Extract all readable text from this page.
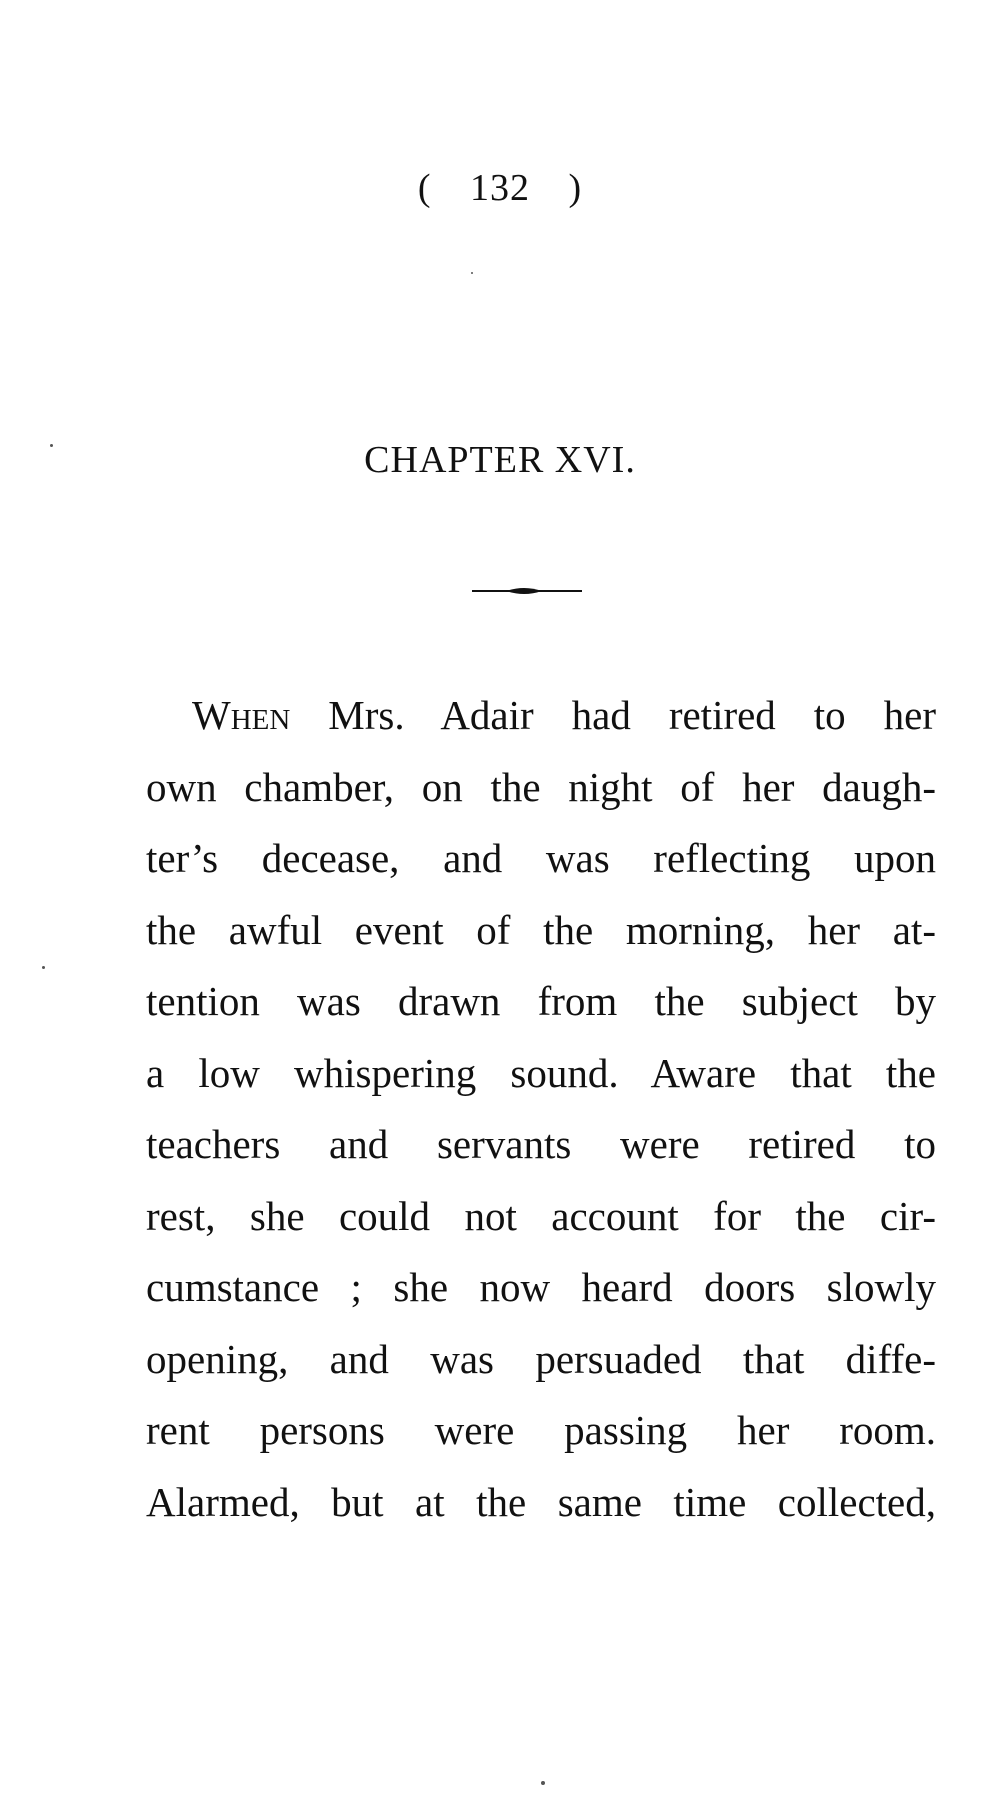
( 132 )
CHAPTER XVI.
When Mrs. Adair had retired to her
own chamber, on the night of her daugh-
ter’s decease, and was reflecting upon
the awful event of the morning, her at-
tention was drawn from the subject by
a low whispering sound. Aware that the
teachers and servants were retired to
rest, she could not account for the cir-
cumstance ; she now heard doors slowly
opening, and was persuaded that diffe-
rent persons were passing her room.
Alarmed, but at the same time collected,
